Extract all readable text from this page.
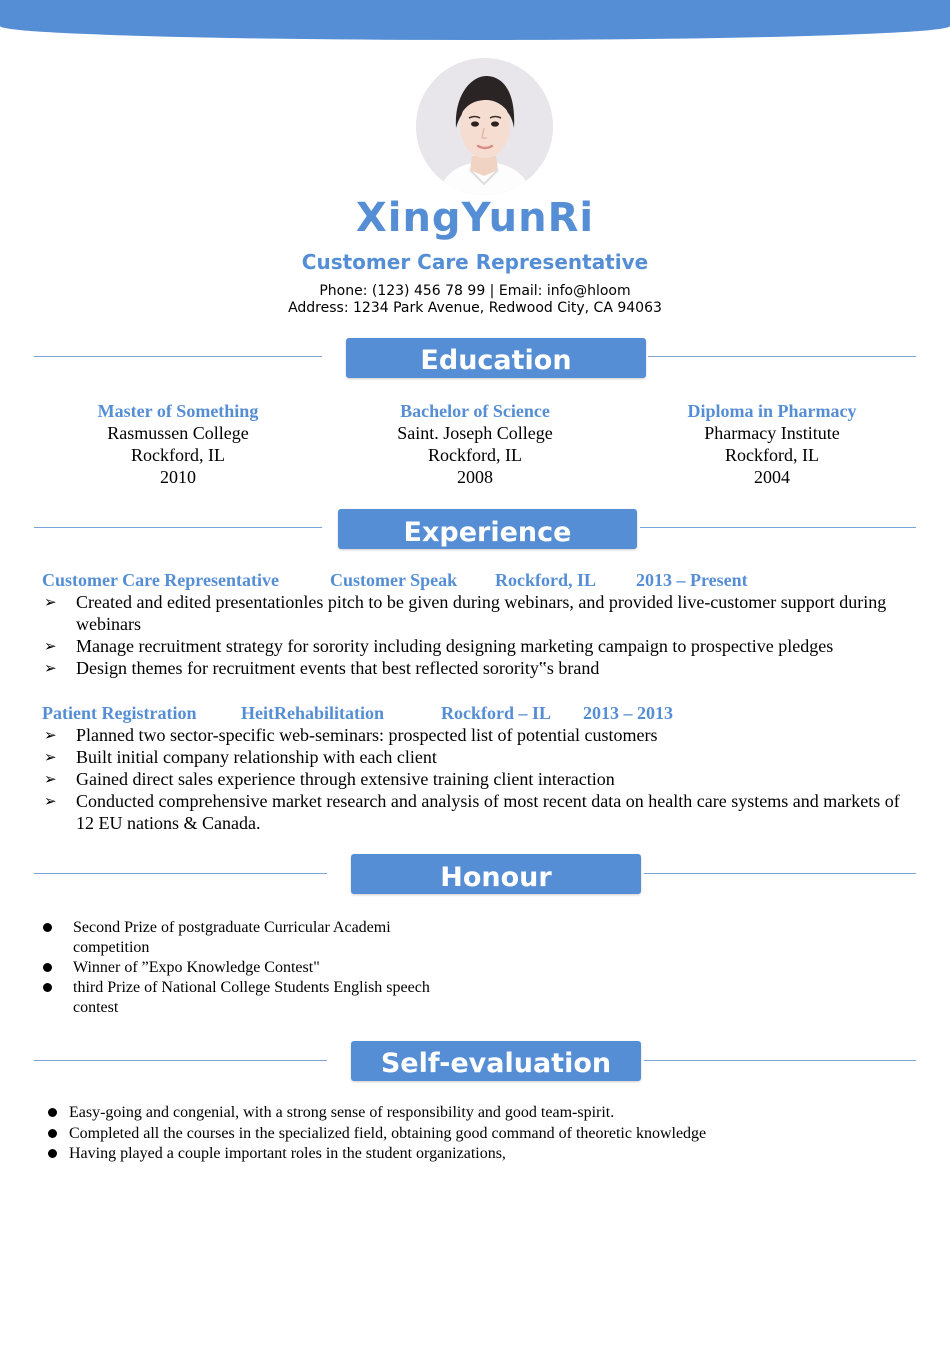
XingYunRi
Customer Care Representative
Phone: (123) 456 78 99 | Email: info@hloom
Address: 1234 Park Avenue, Redwood City, CA 94063
Education
Master of Something
Rasmussen College
Rockford, IL
2010
Bachelor of Science
Saint. Joseph College
Rockford, IL
2008
Diploma in Pharmacy
Pharmacy Institute
Rockford, IL
2004
Experience
Customer Care Representative	Customer Speak Rockford, IL 2013 – Present
➢ Created and edited presentationles pitch to be given during webinars, and provided live-customer support during webinars
➢ Manage recruitment strategy for sorority including designing marketing campaign to prospective pledges
➢ Design themes for recruitment events that best reflected sorority‟s brand
Patient Registration HeitRehabilitation	Rockford – IL 2013 – 2013
➢ Planned two sector-specific web-seminars: prospected list of potential customers
➢ Built initial company relationship with each client
➢ Gained direct sales experience through extensive training client interaction
➢ Conducted comprehensive market research and analysis of most recent data on health care systems and markets of 12 EU nations & Canada.
Honour
Second Prize of postgraduate Curricular Academi competition
Winner of ”Expo Knowledge Contest"
third Prize of National College Students English speech contest
Self-evaluation
Easy-going and congenial, with a strong sense of responsibility and good team-spirit.
Completed all the courses in the specialized field, obtaining good command of theoretic knowledge
Having played a couple important roles in the student organizations,
